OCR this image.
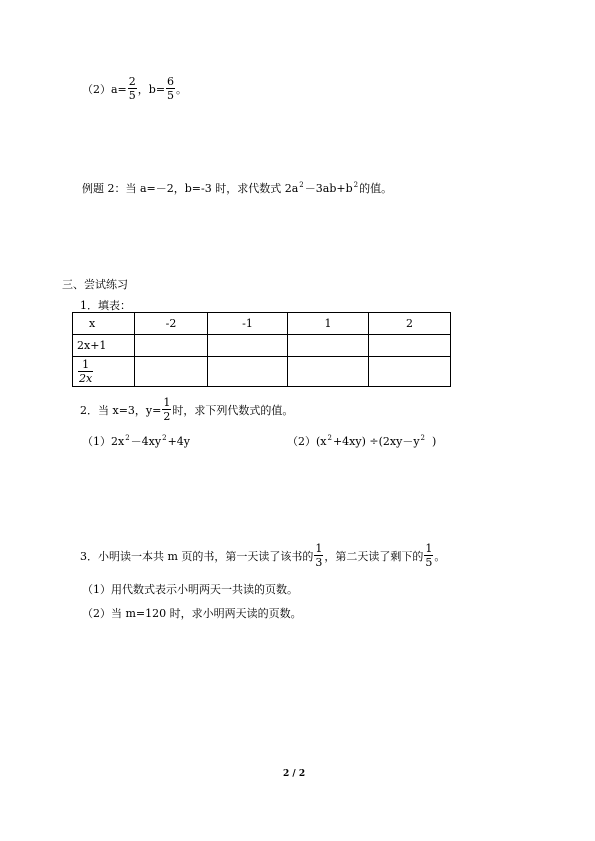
$(2)a= \frac{2}{5}$ ，$b= \frac{6}{5}$ 。
例题 2：当 a=－2，b=-3 时，求代数式 $2a^2-3ab+b^2$的值。
三、尝试练习
1．填表：
x	-2	-1	1	2
2x+1				

$\frac{1}{2x}$

2．当 x=3，$y= \frac{1}{2}$ 时，求下列代数式的值。
$(1)2x^2-4xy^2+4y$	$(2)(x^2+4xy) \div(2xy-y^2$ )
3．小明读一本共 m 页的书，第一天读了该书的 $\frac{1}{3}$ ，第二天读了剩下的 $\frac{1}{5}$ 。
（1）用代数式表示小明两天一共读的页数。
（2）当 m=120 时，求小明两天读的页数。
2 / 2
